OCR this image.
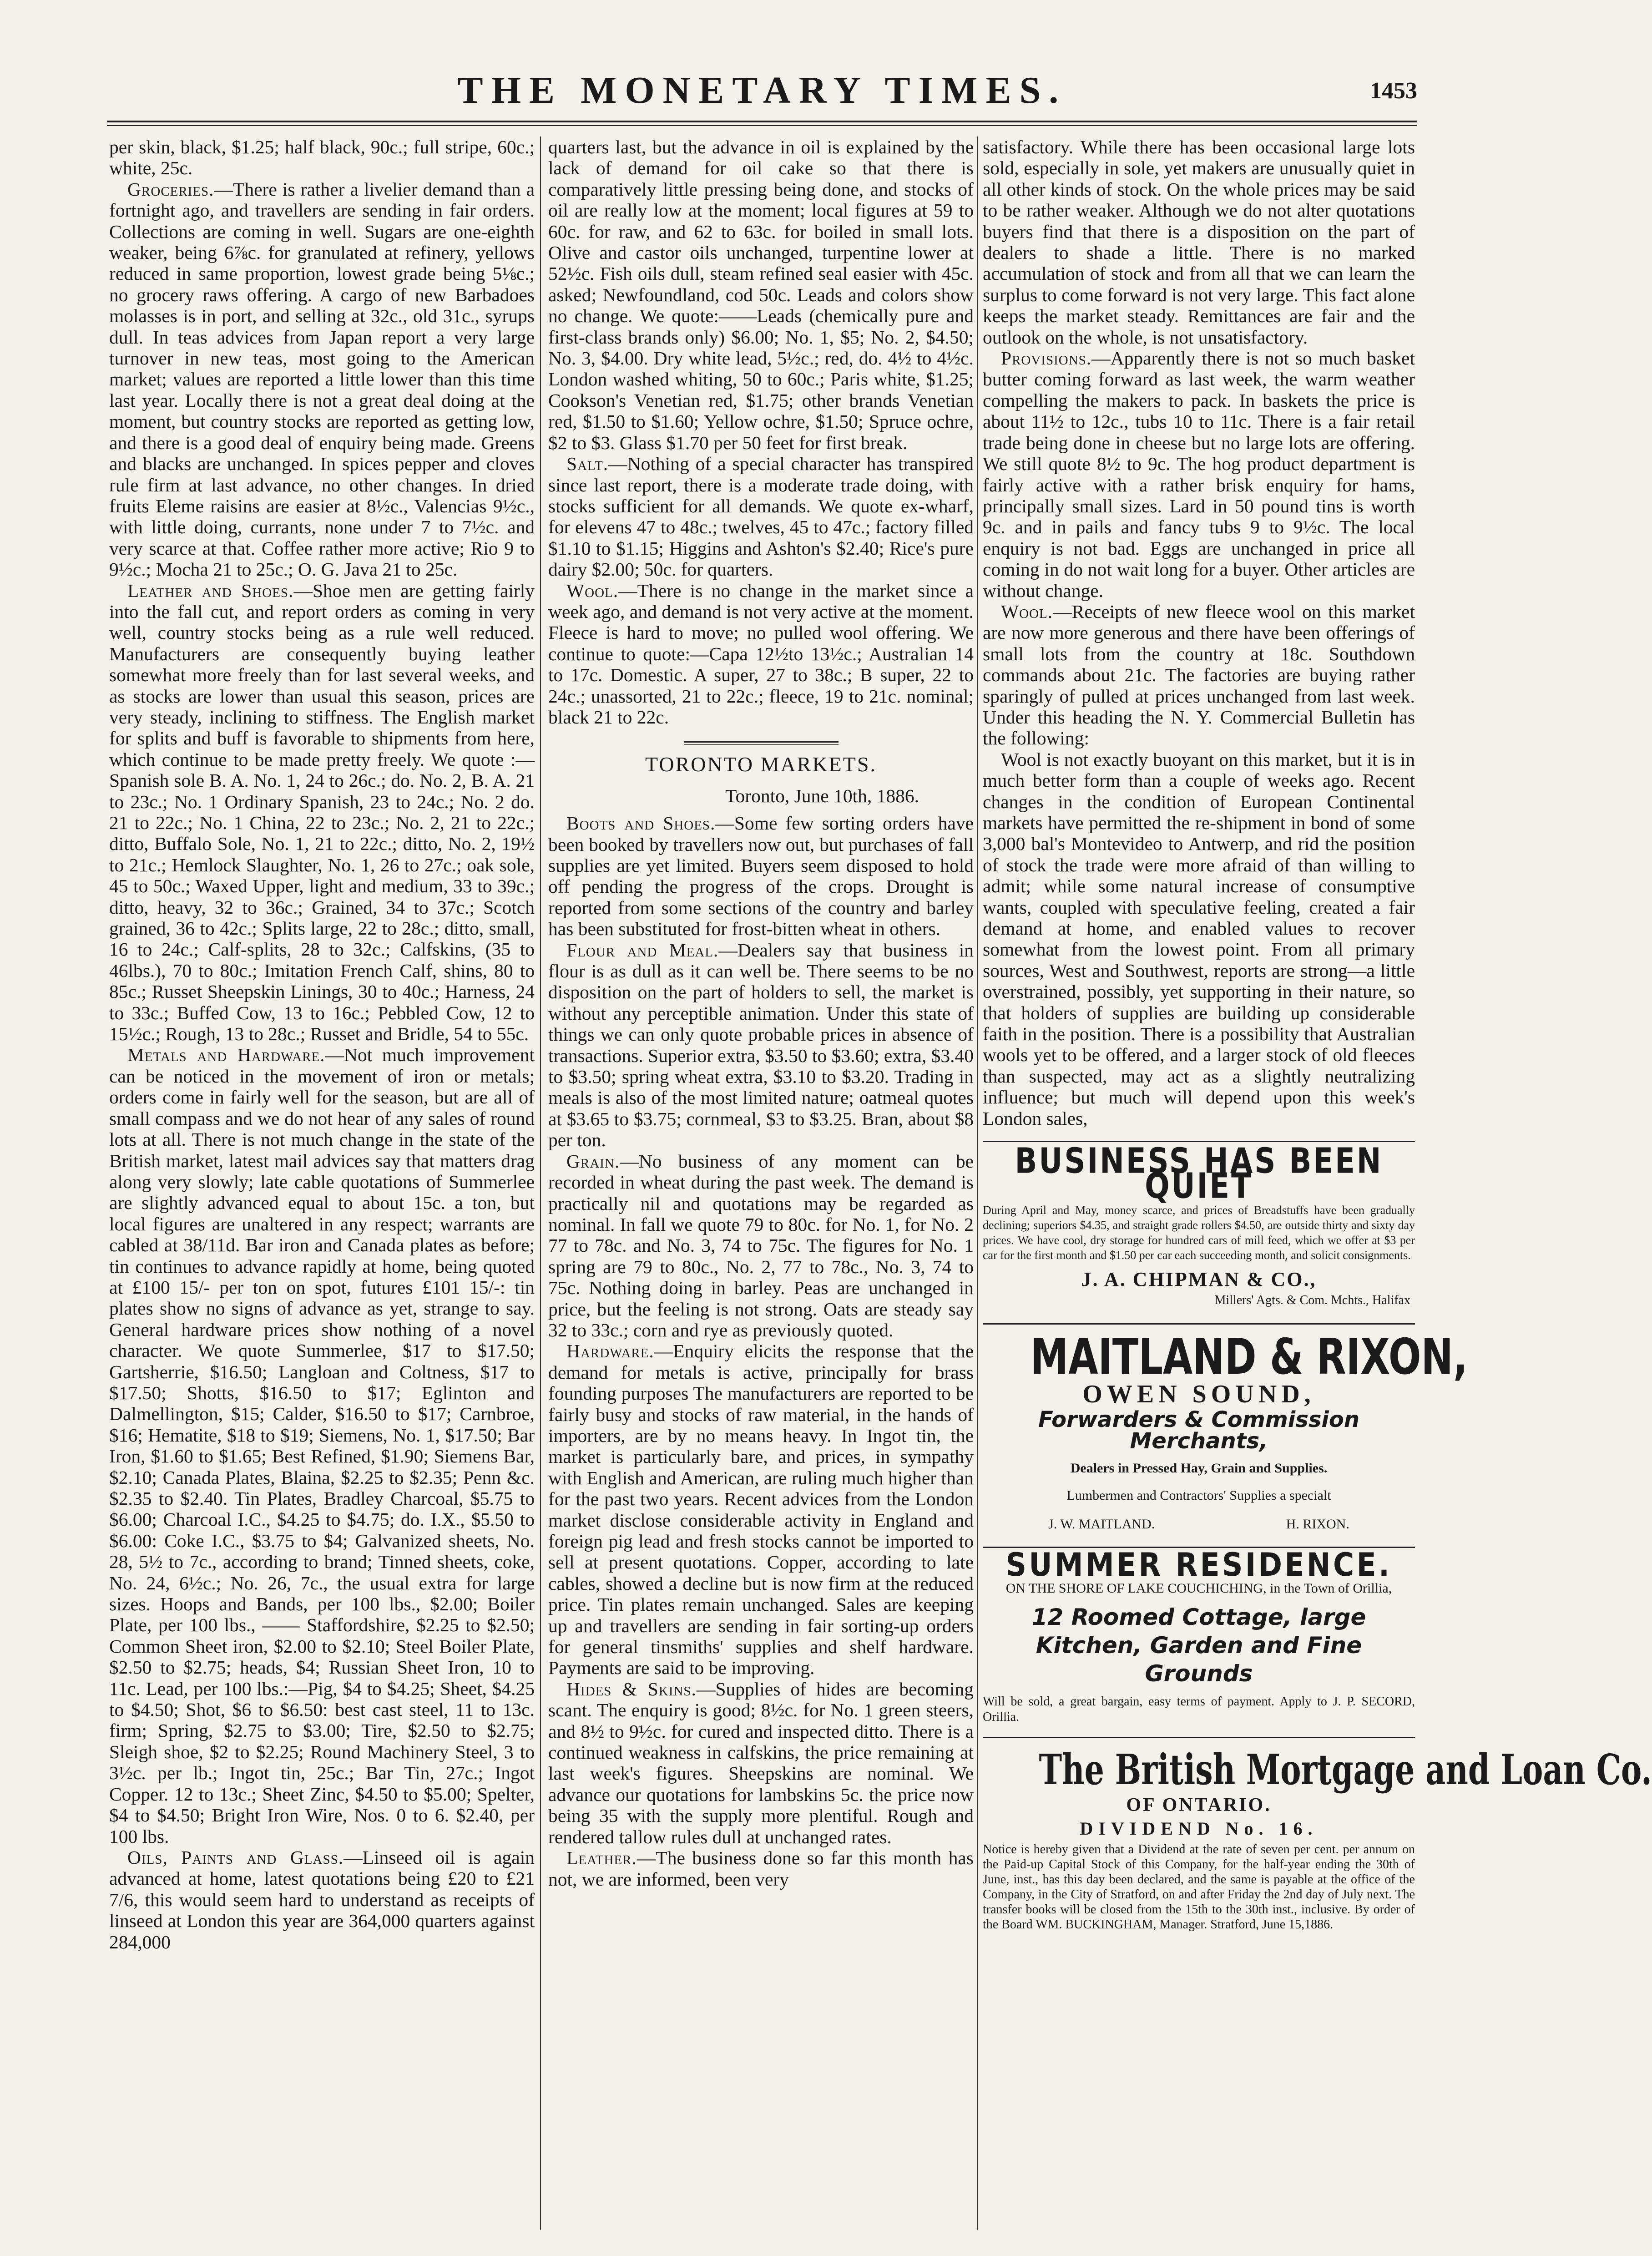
THE MONETARY TIMES.	1453

per skin, black, $1.25; half black, 90c.; full stripe, 60c.; white, 25c.

Groceries.—There is rather a livelier demand than a fortnight ago, and travellers are sending in fair orders. Collections are coming in well. Sugars are one-eighth weaker, being 6⅞c. for granulated at refinery, yellows reduced in same proportion, lowest grade being 5⅛c.; no grocery raws offering. A cargo of new Barbadoes molasses is in port, and selling at 32c., old 31c., syrups dull. In teas advices from Japan report a very large turnover in new teas, most going to the American market; values are reported a little lower than this time last year. Locally there is not a great deal doing at the moment, but country stocks are reported as getting low, and there is a good deal of enquiry being made. Greens and blacks are unchanged. In spices pepper and cloves rule firm at last advance, no other changes. In dried fruits Eleme raisins are easier at 8½c., Valencias 9½c., with little doing, currants, none under 7 to 7½c. and very scarce at that. Coffee rather more active; Rio 9 to 9½c.; Mocha 21 to 25c.; O. G. Java 21 to 25c.

Leather and Shoes.—Shoe men are getting fairly into the fall cut, and report orders as coming in very well, country stocks being as a rule well reduced. Manufacturers are consequently buying leather somewhat more freely than for last several weeks, and as stocks are lower than usual this season, prices are very steady, inclining to stiffness. The English market for splits and buff is favorable to shipments from here, which continue to be made pretty freely. We quote :—Spanish sole B. A. No. 1, 24 to 26c.; do. No. 2, B. A. 21 to 23c.; No. 1 Ordinary Spanish, 23 to 24c.; No. 2 do. 21 to 22c.; No. 1 China, 22 to 23c.; No. 2, 21 to 22c.; ditto, Buffalo Sole, No. 1, 21 to 22c.; ditto, No. 2, 19½ to 21c.; Hemlock Slaughter, No. 1, 26 to 27c.; oak sole, 45 to 50c.; Waxed Upper, light and medium, 33 to 39c.; ditto, heavy, 32 to 36c.; Grained, 34 to 37c.; Scotch grained, 36 to 42c.; Splits large, 22 to 28c.; ditto, small, 16 to 24c.; Calf-splits, 28 to 32c.; Calfskins, (35 to 46lbs.), 70 to 80c.; Imitation French Calf, shins, 80 to 85c.; Russet Sheepskin Linings, 30 to 40c.; Harness, 24 to 33c.; Buffed Cow, 13 to 16c.; Pebbled Cow, 12 to 15½c.; Rough, 13 to 28c.; Russet and Bridle, 54 to 55c.

Metals and Hardware.—Not much improvement can be noticed in the movement of iron or metals; orders come in fairly well for the season, but are all of small compass and we do not hear of any sales of round lots at all. There is not much change in the state of the British market, latest mail advices say that matters drag along very slowly; late cable quotations of Summerlee are slightly advanced equal to about 15c. a ton, but local figures are unaltered in any respect; warrants are cabled at 38/11d. Bar iron and Canada plates as before; tin continues to advance rapidly at home, being quoted at £100 15/- per ton on spot, futures £101 15/-: tin plates show no signs of advance as yet, strange to say. General hardware prices show nothing of a novel character. We quote Summerlee, $17 to $17.50; Gartsherrie, $16.50; Langloan and Coltness, $17 to $17.50; Shotts, $16.50 to $17; Eglinton and Dalmellington, $15; Calder, $16.50 to $17; Carnbroe, $16; Hematite, $18 to $19; Siemens, No. 1, $17.50; Bar Iron, $1.60 to $1.65; Best Refined, $1.90; Siemens Bar, $2.10; Canada Plates, Blaina, $2.25 to $2.35; Penn &c. $2.35 to $2.40. Tin Plates, Bradley Charcoal, $5.75 to $6.00; Charcoal I.C., $4.25 to $4.75; do. I.X., $5.50 to $6.00: Coke I.C., $3.75 to $4; Galvanized sheets, No. 28, 5½ to 7c., according to brand; Tinned sheets, coke, No. 24, 6½c.; No. 26, 7c., the usual extra for large sizes. Hoops and Bands, per 100 lbs., $2.00; Boiler Plate, per 100 lbs., —— Staffordshire, $2.25 to $2.50; Common Sheet iron, $2.00 to $2.10; Steel Boiler Plate, $2.50 to $2.75; heads, $4; Russian Sheet Iron, 10 to 11c. Lead, per 100 lbs.:—Pig, $4 to $4.25; Sheet, $4.25 to $4.50; Shot, $6 to $6.50: best cast steel, 11 to 13c. firm; Spring, $2.75 to $3.00; Tire, $2.50 to $2.75; Sleigh shoe, $2 to $2.25; Round Machinery Steel, 3 to 3½c. per lb.; Ingot tin, 25c.; Bar Tin, 27c.; Ingot Copper. 12 to 13c.; Sheet Zinc, $4.50 to $5.00; Spelter, $4 to $4.50; Bright Iron Wire, Nos. 0 to 6. $2.40, per 100 lbs.

Oils, Paints and Glass.—Linseed oil is again advanced at home, latest quotations being £20 to £21 7/6, this would seem hard to understand as receipts of linseed at London this year are 364,000 quarters against 284,000

quarters last, but the advance in oil is explained by the lack of demand for oil cake so that there is comparatively little pressing being done, and stocks of oil are really low at the moment; local figures at 59 to 60c. for raw, and 62 to 63c. for boiled in small lots. Olive and castor oils unchanged, turpentine lower at 52½c. Fish oils dull, steam refined seal easier with 45c. asked; Newfoundland, cod 50c. Leads and colors show no change. We quote:——Leads (chemically pure and first-class brands only) $6.00; No. 1, $5; No. 2, $4.50; No. 3, $4.00. Dry white lead, 5½c.; red, do. 4½ to 4½c. London washed whiting, 50 to 60c.; Paris white, $1.25; Cookson's Venetian red, $1.75; other brands Venetian red, $1.50 to $1.60; Yellow ochre, $1.50; Spruce ochre, $2 to $3. Glass $1.70 per 50 feet for first break.

Salt.—Nothing of a special character has transpired since last report, there is a moderate trade doing, with stocks sufficient for all demands. We quote ex-wharf, for elevens 47 to 48c.; twelves, 45 to 47c.; factory filled $1.10 to $1.15; Higgins and Ashton's $2.40; Rice's pure dairy $2.00; 50c. for quarters.

Wool.—There is no change in the market since a week ago, and demand is not very active at the moment. Fleece is hard to move; no pulled wool offering. We continue to quote:—Capa 12½to 13½c.; Australian 14 to 17c. Domestic. A super, 27 to 38c.; B super, 22 to 24c.; unassorted, 21 to 22c.; fleece, 19 to 21c. nominal; black 21 to 22c.

TORONTO MARKETS.
Toronto, June 10th, 1886.

Boots and Shoes.—Some few sorting orders have been booked by travellers now out, but purchases of fall supplies are yet limited. Buyers seem disposed to hold off pending the progress of the crops. Drought is reported from some sections of the country and barley has been substituted for frost-bitten wheat in others.

Flour and Meal.—Dealers say that business in flour is as dull as it can well be. There seems to be no disposition on the part of holders to sell, the market is without any perceptible animation. Under this state of things we can only quote probable prices in absence of transactions. Superior extra, $3.50 to $3.60; extra, $3.40 to $3.50; spring wheat extra, $3.10 to $3.20. Trading in meals is also of the most limited nature; oatmeal quotes at $3.65 to $3.75; cornmeal, $3 to $3.25. Bran, about $8 per ton.

Grain.—No business of any moment can be recorded in wheat during the past week. The demand is practically nil and quotations may be regarded as nominal. In fall we quote 79 to 80c. for No. 1, for No. 2 77 to 78c. and No. 3, 74 to 75c. The figures for No. 1 spring are 79 to 80c., No. 2, 77 to 78c., No. 3, 74 to 75c. Nothing doing in barley. Peas are unchanged in price, but the feeling is not strong. Oats are steady say 32 to 33c.; corn and rye as previously quoted.

Hardware.—Enquiry elicits the response that the demand for metals is active, principally for brass founding purposes The manufacturers are reported to be fairly busy and stocks of raw material, in the hands of importers, are by no means heavy. In Ingot tin, the market is particularly bare, and prices, in sympathy with English and American, are ruling much higher than for the past two years. Recent advices from the London market disclose considerable activity in England and foreign pig lead and fresh stocks cannot be imported to sell at present quotations. Copper, according to late cables, showed a decline but is now firm at the reduced price. Tin plates remain unchanged. Sales are keeping up and travellers are sending in fair sorting-up orders for general tinsmiths' supplies and shelf hardware. Payments are said to be improving.

Hides & Skins.—Supplies of hides are becoming scant. The enquiry is good; 8½c. for No. 1 green steers, and 8½ to 9½c. for cured and inspected ditto. There is a continued weakness in calfskins, the price remaining at last week's figures. Sheepskins are nominal. We advance our quotations for lambskins 5c. the price now being 35 with the supply more plentiful. Rough and rendered tallow rules dull at unchanged rates.

Leather.—The business done so far this month has not, we are informed, been very

satisfactory. While there has been occasional large lots sold, especially in sole, yet makers are unusually quiet in all other kinds of stock. On the whole prices may be said to be rather weaker. Although we do not alter quotations buyers find that there is a disposition on the part of dealers to shade a little. There is no marked accumulation of stock and from all that we can learn the surplus to come forward is not very large. This fact alone keeps the market steady. Remittances are fair and the outlook on the whole, is not unsatisfactory.

Provisions.—Apparently there is not so much basket butter coming forward as last week, the warm weather compelling the makers to pack. In baskets the price is about 11½ to 12c., tubs 10 to 11c. There is a fair retail trade being done in cheese but no large lots are offering. We still quote 8½ to 9c. The hog product department is fairly active with a rather brisk enquiry for hams, principally small sizes. Lard in 50 pound tins is worth 9c. and in pails and fancy tubs 9 to 9½c. The local enquiry is not bad. Eggs are unchanged in price all coming in do not wait long for a buyer. Other articles are without change.

Wool.—Receipts of new fleece wool on this market are now more generous and there have been offerings of small lots from the country at 18c. Southdown commands about 21c. The factories are buying rather sparingly of pulled at prices unchanged from last week. Under this heading the N. Y. Commercial Bulletin has the following:

Wool is not exactly buoyant on this market, but it is in much better form than a couple of weeks ago. Recent changes in the condition of European Continental markets have permitted the re-shipment in bond of some 3,000 bal's Montevideo to Antwerp, and rid the position of stock the trade were more afraid of than willing to admit; while some natural increase of consumptive wants, coupled with speculative feeling, created a fair demand at home, and enabled values to recover somewhat from the lowest point. From all primary sources, West and Southwest, reports are strong—a little overstrained, possibly, yet supporting in their nature, so that holders of supplies are building up considerable faith in the position. There is a possibility that Australian wools yet to be offered, and a larger stock of old fleeces than suspected, may act as a slightly neutralizing influence; but much will depend upon this week's London sales,

BUSINESS HAS BEEN QUIET
During April and May, money scarce, and prices of Breadstuffs have been gradually declining; superiors $4.35, and straight grade rollers $4.50, are outside thirty and sixty day prices. We have cool, dry storage for hundred cars of mill feed, which we offer at $3 per car for the first month and $1.50 per car each succeeding month, and solicit consignments.
J. A. CHIPMAN & CO.,
Millers' Agts. & Com. Mchts., Halifax
MAITLAND & RIXON,
OWEN SOUND,
Forwarders & Commission Merchants,
Dealers in Pressed Hay, Grain and Supplies.
Lumbermen and Contractors' Supplies a specialt
J. W. MAITLAND.	H. RIXON.
SUMMER RESIDENCE.
ON THE SHORE OF LAKE COUCHICHING, in the Town of Orillia,
12 Roomed Cottage, large Kitchen, Garden and Fine Grounds
Will be sold, a great bargain, easy terms of payment. Apply to J. P. SECORD, Orillia.
The British Mortgage and Loan Co.
OF ONTARIO.
DIVIDEND No. 16.
Notice is hereby given that a Dividend at the rate of seven per cent. per annum on the Paid-up Capital Stock of this Company, for the half-year ending the 30th of June, inst., has this day been declared, and the same is payable at the office of the Company, in the City of Stratford, on and after Friday the 2nd day of July next. The transfer books will be closed from the 15th to the 30th inst., inclusive. By order of the Board WM. BUCKINGHAM, Manager. Stratford, June 15,1886.
